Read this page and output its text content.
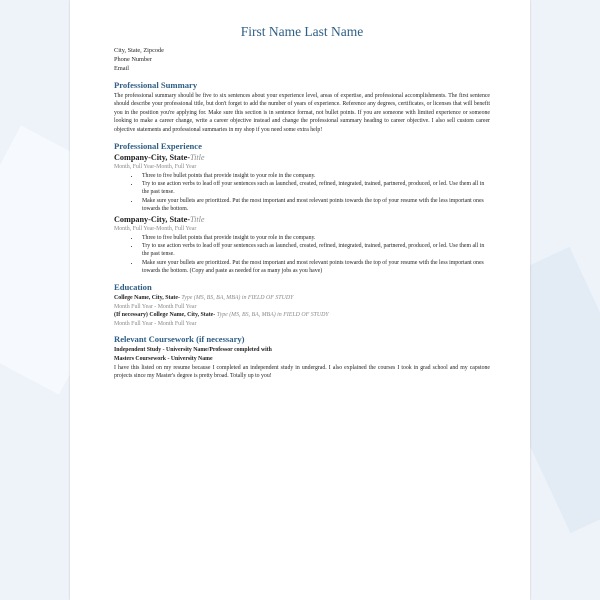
First Name Last Name
City, State, Zipcode
Phone Number
Email
Professional Summary

The professional summary should be five to six sentences about your experience level, areas of expertise, and professional accomplishments. The first sentence should describe your professional title, but don't forget to add the number of years of experience. Reference any degrees, certificates, or licenses that will benefit you in the position you're applying for. Make sure this section is in sentence format, not bullet points. If you are someone with limited experience or someone looking to make a career change, write a career objective instead and change the professional summary heading to career objective. I also sell custom career objective statements and professional summaries in my shop if you need some extra help!

Professional Experience
Company-City, State-Title
Month, Full Year-Month, Full Year
• Three to five bullet points that provide insight to your role in the company.
• Try to use action verbs to lead off your sentences such as launched, created, refined, integrated, trained, partnered, produced, or led. Use them all in the past tense.
• Make sure your bullets are prioritized. Put the most important and most relevant points towards the top of your resume with the less important ones towards the bottom.
Company-City, State-Title
Month, Full Year-Month, Full Year
• Three to five bullet points that provide insight to your role in the company.
• Try to use action verbs to lead off your sentences such as launched, created, refined, integrated, trained, partnered, produced, or led. Use them all in the past tense.
• Make sure your bullets are prioritized. Put the most important and most relevant points towards the top of your resume with the less important ones towards the bottom. (Copy and paste as needed for as many jobs as you have)
Education
College Name, City, State- Type (MS, BS, BA, MBA) in FIELD OF STUDY
Month Full Year - Month Full Year
(If necessary) College Name, City, State- Type (MS, BS, BA, MBA) in FIELD OF STUDY
Month Full Year - Month Full Year
Relevant Coursework (if necessary)
Independent Study - University Name/Professor completed with
Masters Coursework - University Name

I have this listed on my resume because I completed an independent study in undergrad. I also explained the courses I took in grad school and my capstone projects since my Master's degree is pretty broad. Totally up to you!
